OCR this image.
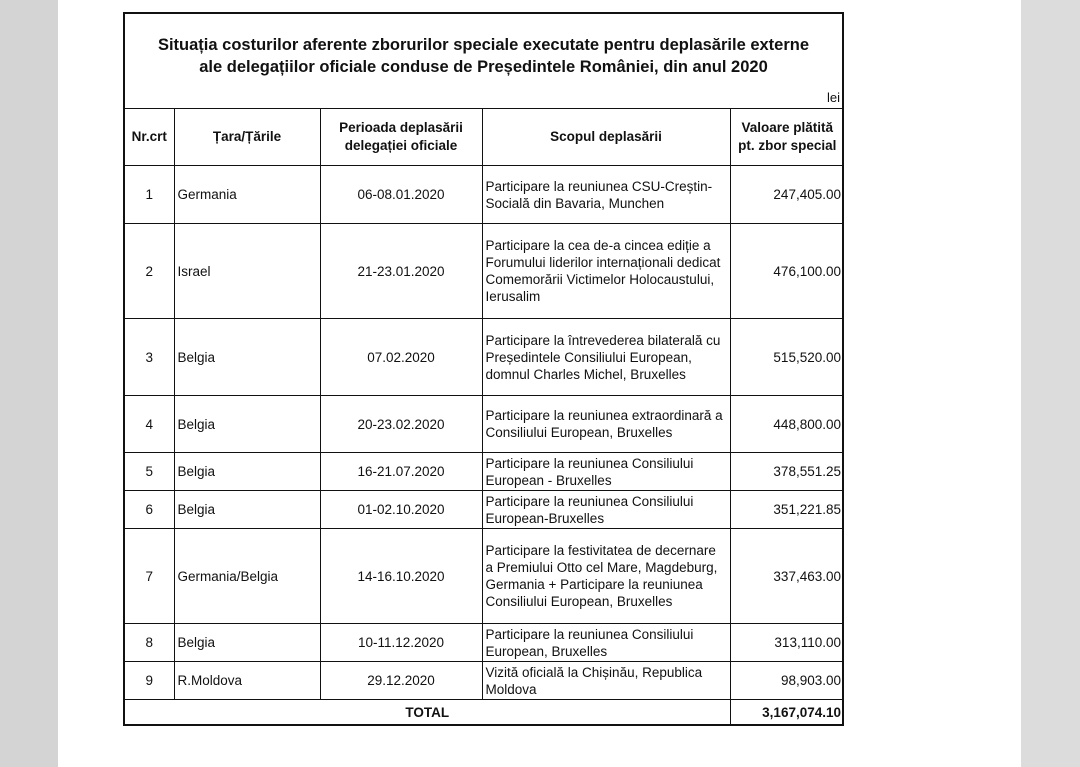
Situația costurilor aferente zborurilor speciale executate pentru deplasările externe
ale delegațiilor oficiale conduse de Președintele României, din anul 2020
lei
Nr.crt	Țara/Țările	Perioada deplasării delegației oficiale	Scopul deplasării	Valoare plătită pt. zbor special
1	Germania	06-08.01.2020	Participare la reuniunea CSU-Creștin-Socială din Bavaria, Munchen	247,405.00
2	Israel	21-23.01.2020	Participare la cea de-a cincea ediție a Forumului liderilor internaționali dedicat Comemorării Victimelor Holocaustului, Ierusalim	476,100.00
3	Belgia	07.02.2020	Participare la întrevederea bilaterală cu Președintele Consiliului European, domnul Charles Michel, Bruxelles	515,520.00
4	Belgia	20-23.02.2020	Participare la reuniunea extraordinară a Consiliului European, Bruxelles	448,800.00
5	Belgia	16-21.07.2020	Participare la reuniunea Consiliului European - Bruxelles	378,551.25
6	Belgia	01-02.10.2020	Participare la reuniunea Consiliului European-Bruxelles	351,221.85
7	Germania/Belgia	14-16.10.2020	Participare la festivitatea de decernare a Premiului Otto cel Mare, Magdeburg, Germania + Participare la reuniunea Consiliului European, Bruxelles	337,463.00
8	Belgia	10-11.12.2020	Participare la reuniunea Consiliului European, Bruxelles	313,110.00
9	R.Moldova	29.12.2020	Vizită oficială la Chișinău, Republica Moldova	98,903.00
TOTAL				3,167,074.10
